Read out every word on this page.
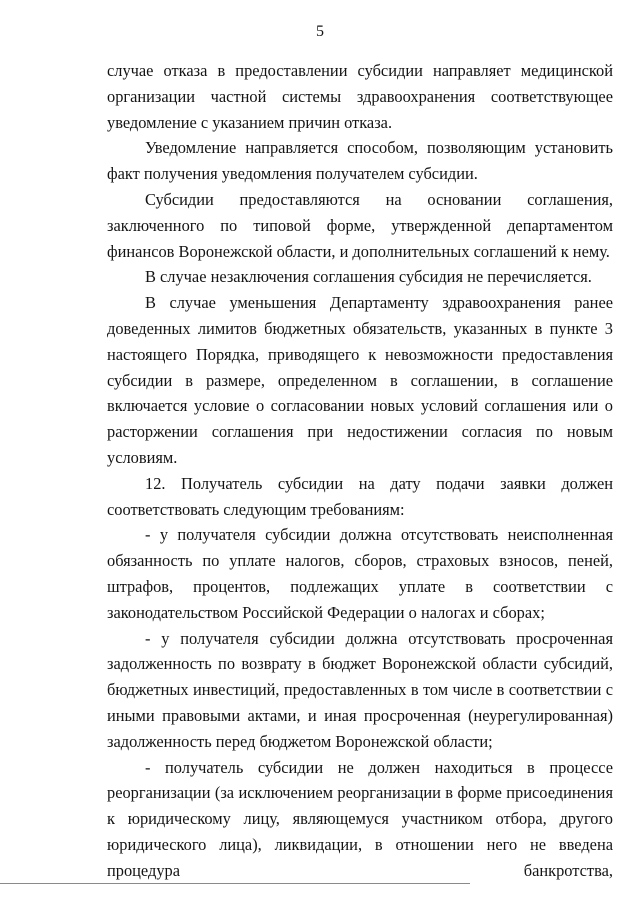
5

случае отказа в предоставлении субсидии направляет медицинской организации частной системы здравоохранения соответствующее уведомление с указанием причин отказа.

Уведомление направляется способом, позволяющим установить факт получения уведомления получателем субсидии.

Субсидии предоставляются на основании соглашения, заключенного по типовой форме, утвержденной департаментом финансов Воронежской области, и дополнительных соглашений к нему.

В случае незаключения соглашения субсидия не перечисляется.

В случае уменьшения Департаменту здравоохранения ранее доведенных лимитов бюджетных обязательств, указанных в пункте 3 настоящего Порядка, приводящего к невозможности предоставления субсидии в размере, определенном в соглашении, в соглашение включается условие о согласовании новых условий соглашения или о расторжении соглашения при недостижении согласия по новым условиям.

12. Получатель субсидии на дату подачи заявки должен соответствовать следующим требованиям:

- у получателя субсидии должна отсутствовать неисполненная обязанность по уплате налогов, сборов, страховых взносов, пеней, штрафов, процентов, подлежащих уплате в соответствии с законодательством Российской Федерации о налогах и сборах;

- у получателя субсидии должна отсутствовать просроченная задолженность по возврату в бюджет Воронежской области субсидий, бюджетных инвестиций, предоставленных в том числе в соответствии с иными правовыми актами, и иная просроченная (неурегулированная) задолженность перед бюджетом Воронежской области;

- получатель субсидии не должен находиться в процессе реорганизации (за исключением реорганизации в форме присоединения к юридическому лицу, являющемуся участником отбора, другого юридического лица), ликвидации, в отношении него не введена процедура банкротства,
